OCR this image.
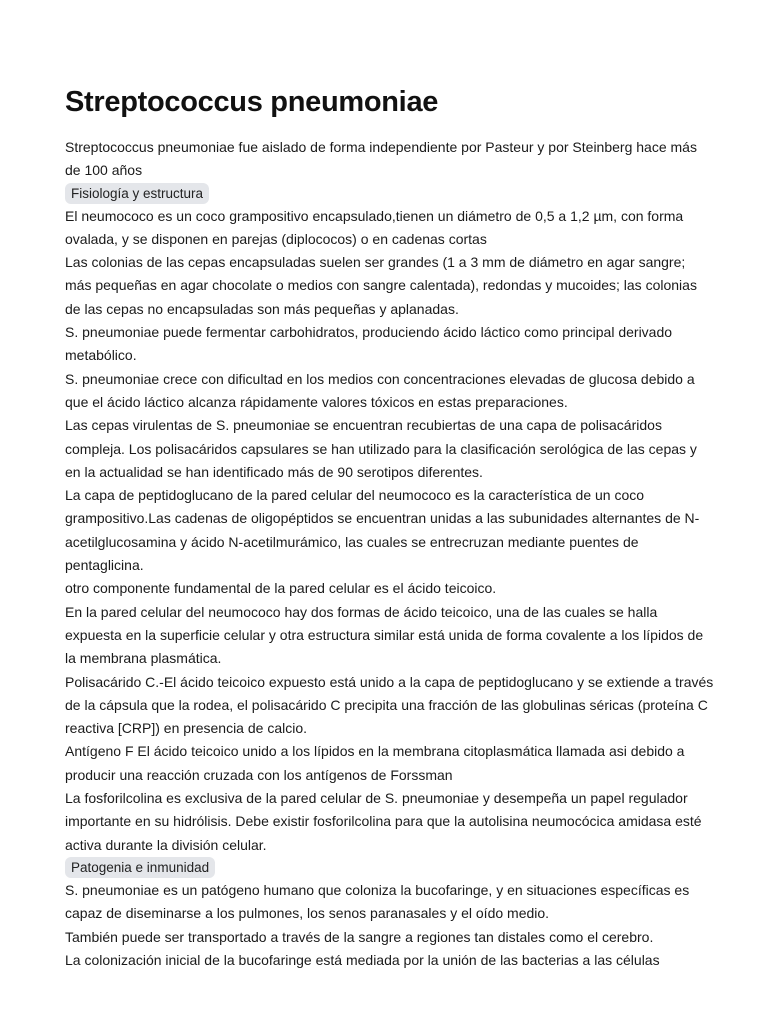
Streptococcus pneumoniae

Streptococcus pneumoniae fue aislado de forma independiente por Pasteur y por Steinberg hace más de 100 años

Fisiología y estructura

El neumococo es un coco grampositivo encapsulado,tienen un diámetro de 0,5 a 1,2 µm, con forma ovalada, y se disponen en parejas (diplococos) o en cadenas cortas

Las colonias de las cepas encapsuladas suelen ser grandes (1 a 3 mm de diámetro en agar sangre; más pequeñas en agar chocolate o medios con sangre calentada), redondas y mucoides; las colonias de las cepas no encapsuladas son más pequeñas y aplanadas.

S. pneumoniae puede fermentar carbohidratos, produciendo ácido láctico como principal derivado metabólico.

S. pneumoniae crece con dificultad en los medios con concentraciones elevadas de glucosa debido a que el ácido láctico alcanza rápidamente valores tóxicos en estas preparaciones.

Las cepas virulentas de S. pneumoniae se encuentran recubiertas de una capa de polisacáridos compleja. Los polisacáridos capsulares se han utilizado para la clasificación serológica de las cepas y en la actualidad se han identificado más de 90 serotipos diferentes.

La capa de peptidoglucano de la pared celular del neumococo es la característica de un coco grampositivo.Las cadenas de oligopéptidos se encuentran unidas a las subunidades alternantes de N-acetilglucosamina y ácido N-acetilmurámico, las cuales se entrecruzan mediante puentes de pentaglicina.

otro componente fundamental de la pared celular es el ácido teicoico.

En la pared celular del neumococo hay dos formas de ácido teicoico, una de las cuales se halla expuesta en la superficie celular y otra estructura similar está unida de forma covalente a los lípidos de la membrana plasmática.

Polisacárido C.-El ácido teicoico expuesto está unido a la capa de peptidoglucano y se extiende a través de la cápsula que la rodea, el polisacárido C precipita una fracción de las globulinas séricas (proteína C reactiva [CRP]) en presencia de calcio.

Antígeno F El ácido teicoico unido a los lípidos en la membrana citoplasmática llamada asi debido a producir una reacción cruzada con los antígenos de Forssman

La fosforilcolina es exclusiva de la pared celular de S. pneumoniae y desempeña un papel regulador importante en su hidrólisis. Debe existir fosforilcolina para que la autolisina neumocócica amidasa esté activa durante la división celular.

Patogenia e inmunidad

S. pneumoniae es un patógeno humano que coloniza la bucofaringe, y en situaciones específicas es capaz de diseminarse a los pulmones, los senos paranasales y el oído medio.

También puede ser transportado a través de la sangre a regiones tan distales como el cerebro.

La colonización inicial de la bucofaringe está mediada por la unión de las bacterias a las células
